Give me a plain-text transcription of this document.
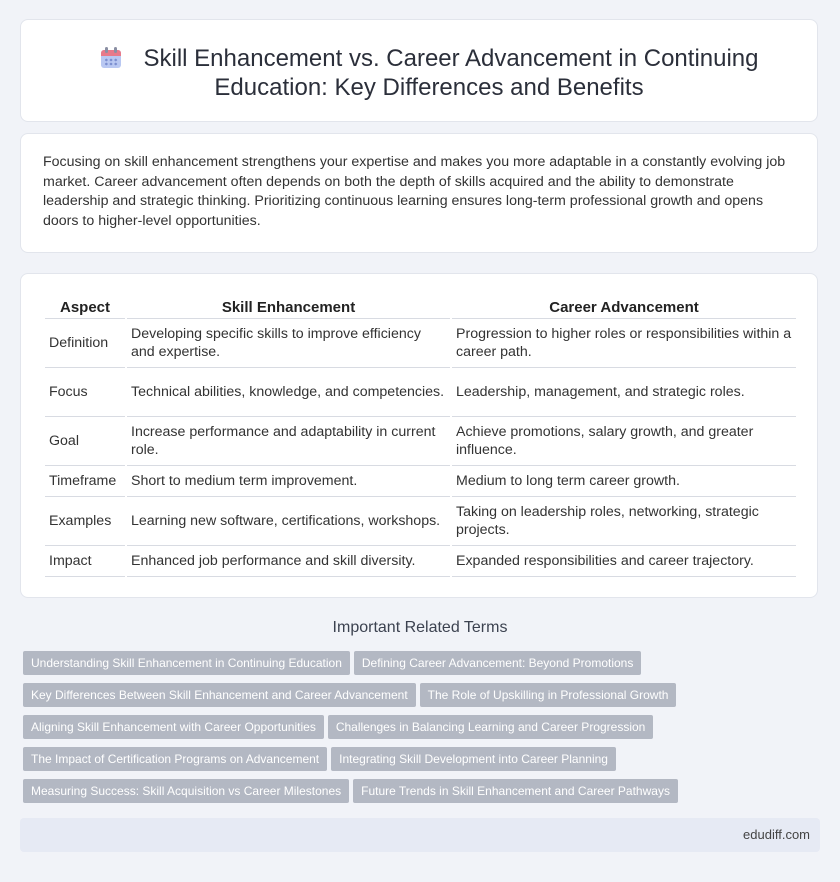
Skill Enhancement vs. Career Advancement in Continuing Education: Key Differences and Benefits

Focusing on skill enhancement strengthens your expertise and makes you more adaptable in a constantly evolving job market. Career advancement often depends on both the depth of skills acquired and the ability to demonstrate leadership and strategic thinking. Prioritizing continuous learning ensures long-term professional growth and opens doors to higher-level opportunities.

Aspect	Skill Enhancement	Career Advancement
Definition	Developing specific skills to improve efficiency and expertise.	Progression to higher roles or responsibilities within a career path.
Focus	Technical abilities, knowledge, and competencies.	Leadership, management, and strategic roles.
Goal	Increase performance and adaptability in current role.	Achieve promotions, salary growth, and greater influence.
Timeframe	Short to medium term improvement.	Medium to long term career growth.
Examples	Learning new software, certifications, workshops.	Taking on leadership roles, networking, strategic projects.
Impact	Enhanced job performance and skill diversity.	Expanded responsibilities and career trajectory.
Important Related Terms
Understanding Skill Enhancement in Continuing Education Defining Career Advancement: Beyond Promotions
Key Differences Between Skill Enhancement and Career Advancement The Role of Upskilling in Professional Growth
Aligning Skill Enhancement with Career Opportunities Challenges in Balancing Learning and Career Progression
The Impact of Certification Programs on Advancement Integrating Skill Development into Career Planning
Measuring Success: Skill Acquisition vs Career Milestones Future Trends in Skill Enhancement and Career Pathways
edudiff.com
